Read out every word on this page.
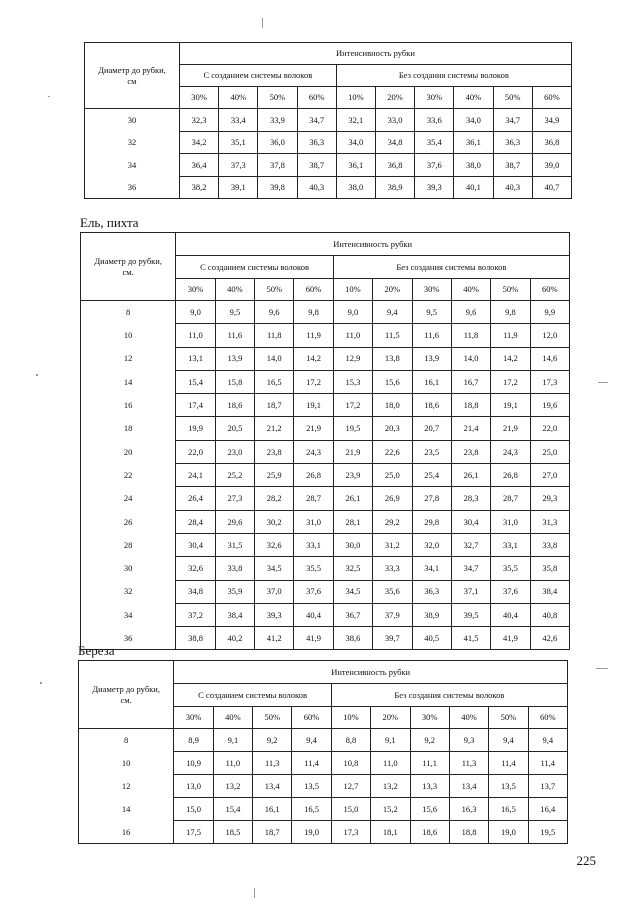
Диаметр до рубки, см	Интенсивность рубки									
	С созданием системы волоков				Без создания системы волоков					
	30%	40%	50%	60%	10%	20%	30%	40%	50%	60%
30	32,3	33,4	33,9	34,7	32,1	33,0	33,6	34,0	34,7	34,9
32	34,2	35,1	36,0	36,3	34,0	34,8	35,4	36,1	36,3	36,8
34	36,4	37,3	37,8	38,7	36,1	36,8	37,6	38,0	38,7	39,0
36	38,2	39,1	39,8	40,3	38,0	38,9	39,3	40,1	40,3	40,7
Ель, пихта
Диаметр до рубки, см.	Интенсивность рубки									
	С созданием системы волоков				Без создания системы волоков					
	30%	40%	50%	60%	10%	20%	30%	40%	50%	60%
8	9,0	9,5	9,6	9,8	9,0	9,4	9,5	9,6	9,8	9,9
10	11,0	11,6	11,8	11,9	11,0	11,5	11,6	11,8	11,9	12,0
12	13,1	13,9	14,0	14,2	12,9	13,8	13,9	14,0	14,2	14,6
14	15,4	15,8	16,5	17,2	15,3	15,6	16,1	16,7	17,2	17,3
16	17,4	18,6	18,7	19,1	17,2	18,0	18,6	18,8	19,1	19,6
18	19,9	20,5	21,2	21,9	19,5	20,3	20,7	21,4	21,9	22,0
20	22,0	23,0	23,8	24,3	21,9	22,6	23,5	23,8	24,3	25,0
22	24,1	25,2	25,9	26,8	23,9	25,0	25,4	26,1	26,8	27,0
24	26,4	27,3	28,2	28,7	26,1	26,9	27,8	28,3	28,7	29,3
26	28,4	29,6	30,2	31,0	28,1	29,2	29,8	30,4	31,0	31,3
28	30,4	31,5	32,6	33,1	30,0	31,2	32,0	32,7	33,1	33,8
30	32,6	33,8	34,5	35,5	32,5	33,3	34,1	34,7	35,5	35,8
32	34,8	35,9	37,0	37,6	34,5	35,6	36,3	37,1	37,6	38,4
34	37,2	38,4	39,3	40,4	36,7	37,9	38,9	39,5	40,4	40,8
36	38,8	40,2	41,2	41,9	38,6	39,7	40,5	41,5	41,9	42,6
Береза
Диаметр до рубки, см.	Интенсивность рубки									
	С созданием системы волоков				Без создания системы волоков					
	30%	40%	50%	60%	10%	20%	30%	40%	50%	60%
8	8,9	9,1	9,2	9,4	8,8	9,1	9,2	9,3	9,4	9,4
10	10,9	11,0	11,3	11,4	10,8	11,0	11,1	11,3	11,4	11,4
12	13,0	13,2	13,4	13,5	12,7	13,2	13,3	13,4	13,5	13,7
14	15,0	15,4	16,1	16,5	15,0	15,2	15,6	16,3	16,5	16,4
16	17,5	18,5	18,7	19,0	17,3	18,1	18,6	18,8	19,0	19,5
225
